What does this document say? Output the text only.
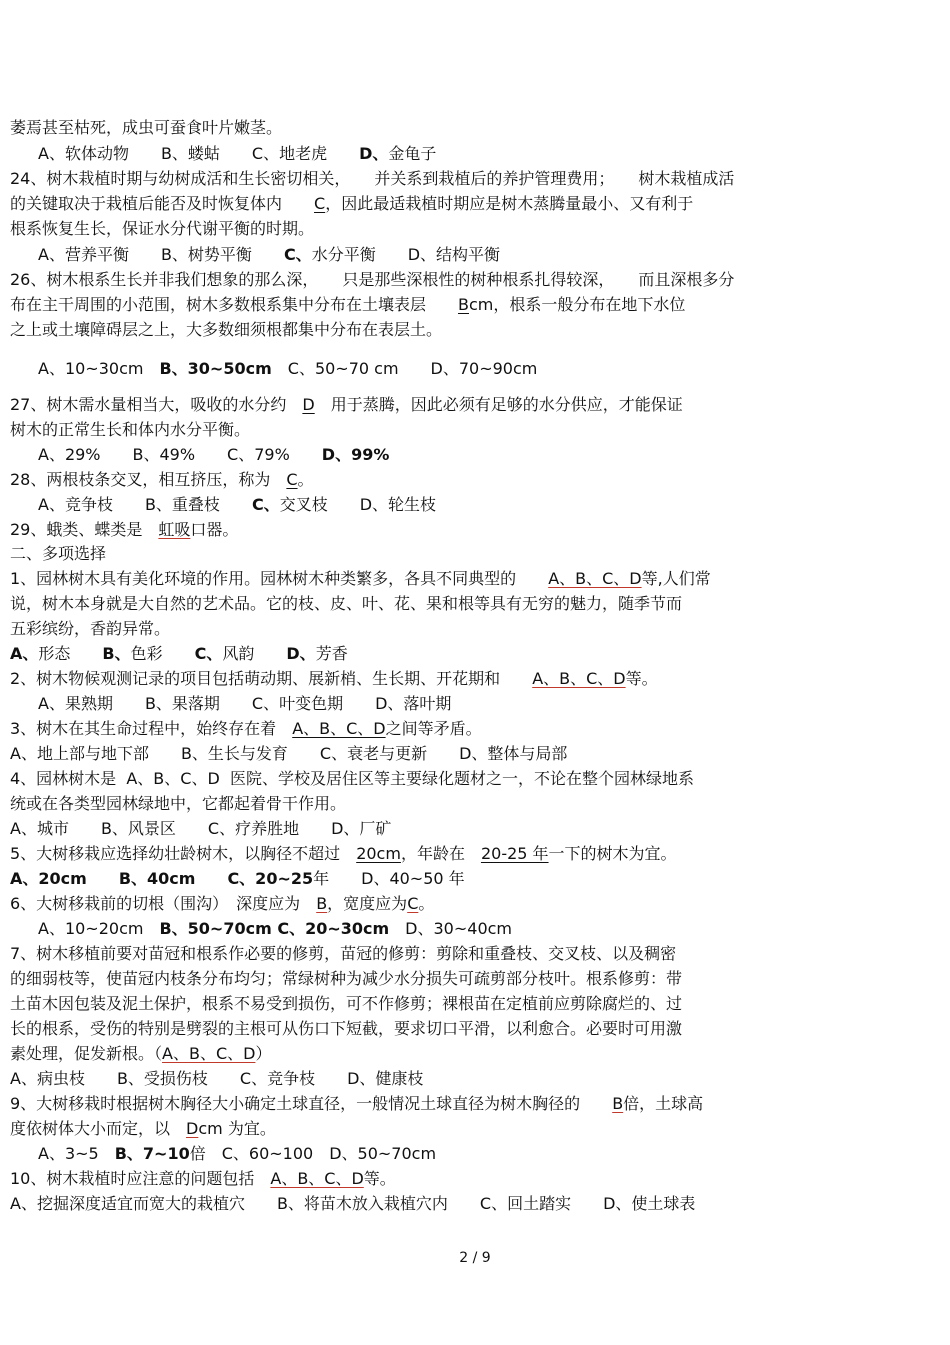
萎焉甚至枯死，成虫可蚕食叶片嫩茎。
A、软体动物　　B、蝼蛄　　C、地老虎　　D、金龟子
24、树木栽植时期与幼树成活和生长密切相关，　　并关系到栽植后的养护管理费用；　　树木栽植成活
的关键取决于栽植后能否及时恢复体内　　C，因此最适栽植时期应是树木蒸腾量最小、又有利于
根系恢复生长，保证水分代谢平衡的时期。
A、营养平衡　　B、树势平衡　　C、水分平衡　　D、结构平衡
26、树木根系生长并非我们想象的那么深，　　只是那些深根性的树种根系扎得较深，　　而且深根多分
布在主干周围的小范围，树木多数根系集中分布在土壤表层　　Bcm，根系一般分布在地下水位
之上或土壤障碍层之上，大多数细须根都集中分布在表层土。
A、10~30cm　B、30~50cm　C、50~70 cm　　D、70~90cm
27、树木需水量相当大，吸收的水分约　D　用于蒸腾，因此必须有足够的水分供应，才能保证
树木的正常生长和体内水分平衡。
A、29%　　B、49%　　C、79%　　D、99%
28、两根枝条交叉，相互挤压，称为　C。
A、竞争枝　　B、重叠枝　　C、交叉枝　　D、轮生枝
29、蛾类、蝶类是　虹吸口器。
二、多项选择
1、园林树木具有美化环境的作用。园林树木种类繁多，各具不同典型的　　A、B、C、D等,人们常
说，树木本身就是大自然的艺术品。它的枝、皮、叶、花、果和根等具有无穷的魅力，随季节而
五彩缤纷，香韵异常。
A、形态　　B、色彩　　C、风韵　　D、芳香
2、树木物候观测记录的项目包括萌动期、展新梢、生长期、开花期和　　A、B、C、D等。
A、果熟期　　B、果落期　　C、叶变色期　　D、落叶期
3、树木在其生命过程中，始终存在着　A、B、C、D之间等矛盾。
A、地上部与地下部　　B、生长与发育　　C、衰老与更新　　D、整体与局部
4、园林树木是  A、B、C、D  医院、学校及居住区等主要绿化题材之一，不论在整个园林绿地系
统或在各类型园林绿地中，它都起着骨干作用。
A、城市　　B、风景区　　C、疗养胜地　　D、厂矿
5、大树移栽应选择幼壮龄树木，以胸径不超过　20cm，年龄在　20-25 年一下的树木为宜。
A、20cm　　B、40cm　　C、20~25年　　D、40~50 年
6、大树移栽前的切根（围沟）　深度应为　B，宽度应为C。
A、10~20cm　B、50~70cm C、20~30cm　D、30~40cm
7、树木移植前要对苗冠和根系作必要的修剪，苗冠的修剪：剪除和重叠枝、交叉枝、以及稠密
的细弱枝等，使苗冠内枝条分布均匀；常绿树种为减少水分损失可疏剪部分枝叶。根系修剪：带
土苗木因包装及泥土保护，根系不易受到损伤，可不作修剪；裸根苗在定植前应剪除腐烂的、过
长的根系，受伤的特别是劈裂的主根可从伤口下短截，要求切口平滑，以利愈合。必要时可用激
素处理，促发新根。（A、B、C、D）
A、病虫枝　　B、受损伤枝　　C、竞争枝　　D、健康枝
9、大树移栽时根据树木胸径大小确定土球直径，一般情况土球直径为树木胸径的　　B倍，土球高
度依树体大小而定，以　Dcm 为宜。
A、3~5　B、7~10倍　C、60~100　D、50~70cm
10、树木栽植时应注意的问题包括　A、B、C、D等。
A、挖掘深度适宜而宽大的栽植穴　　B、将苗木放入栽植穴内　　C、回土踏实　　D、使土球表
2 / 9
